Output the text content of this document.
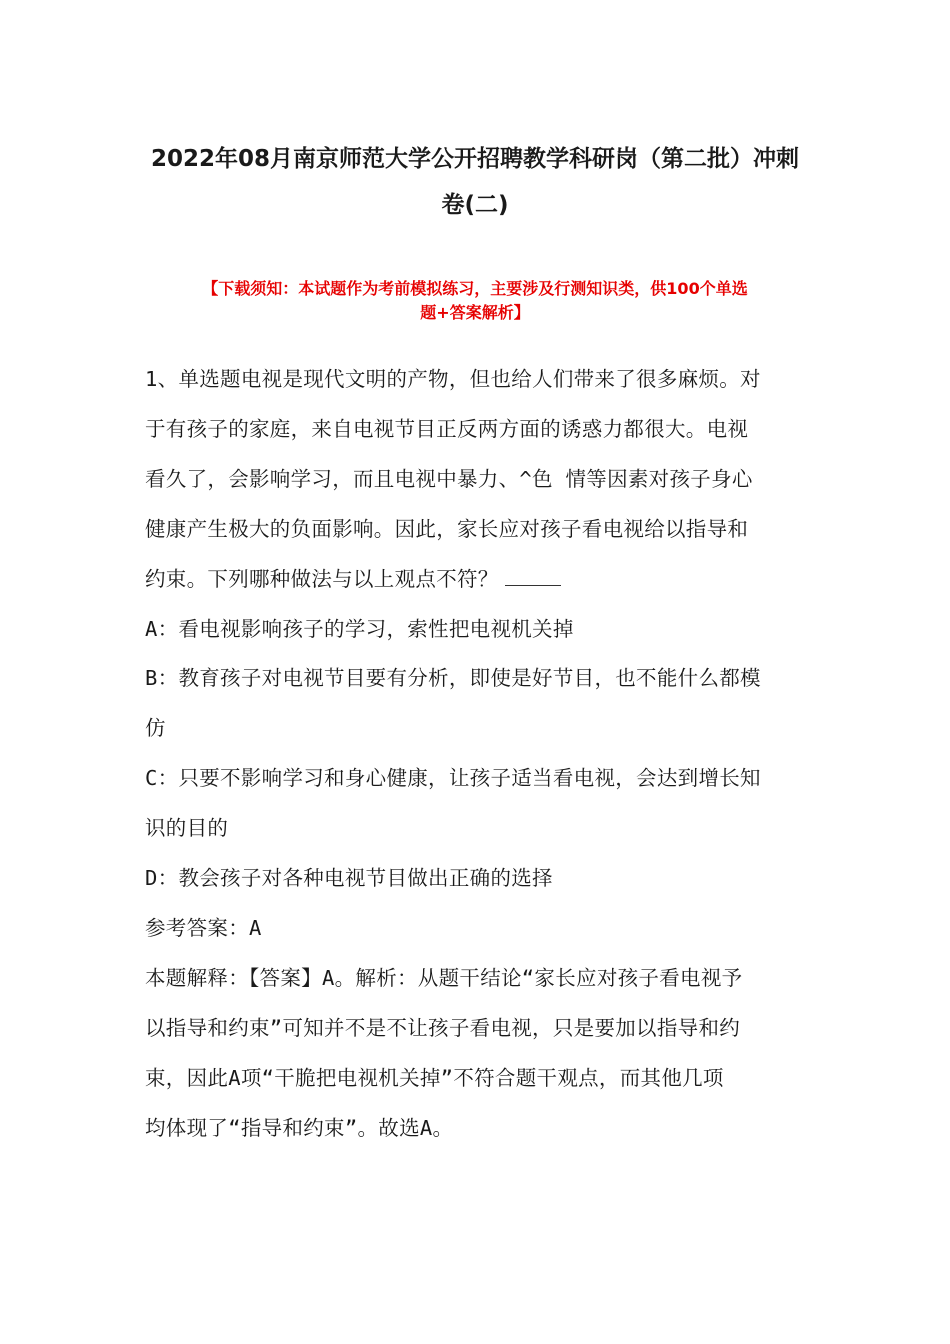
2022年08月南京师范大学公开招聘教学科研岗（第二批）冲刺
卷(二)
【下载须知：本试题作为考前模拟练习，主要涉及行测知识类，供100个单选
题+答案解析】
1、单选题电视是现代文明的产物，但也给人们带来了很多麻烦。对
于有孩子的家庭，来自电视节目正反两方面的诱惑力都很大。电视
看久了，会影响学习，而且电视中暴力、^色 情等因素对孩子身心
健康产生极大的负面影响。因此，家长应对孩子看电视给以指导和
约束。下列哪种做法与以上观点不符？
A：看电视影响孩子的学习，索性把电视机关掉
B：教育孩子对电视节目要有分析，即使是好节目，也不能什么都模
仿
C：只要不影响学习和身心健康，让孩子适当看电视，会达到增长知
识的目的
D：教会孩子对各种电视节目做出正确的选择
参考答案：A
本题解释：【答案】A。解析：从题干结论“家长应对孩子看电视予
以指导和约束”可知并不是不让孩子看电视，只是要加以指导和约
束，因此A项“干脆把电视机关掉”不符合题干观点，而其他几项
均体现了“指导和约束”。故选A。
